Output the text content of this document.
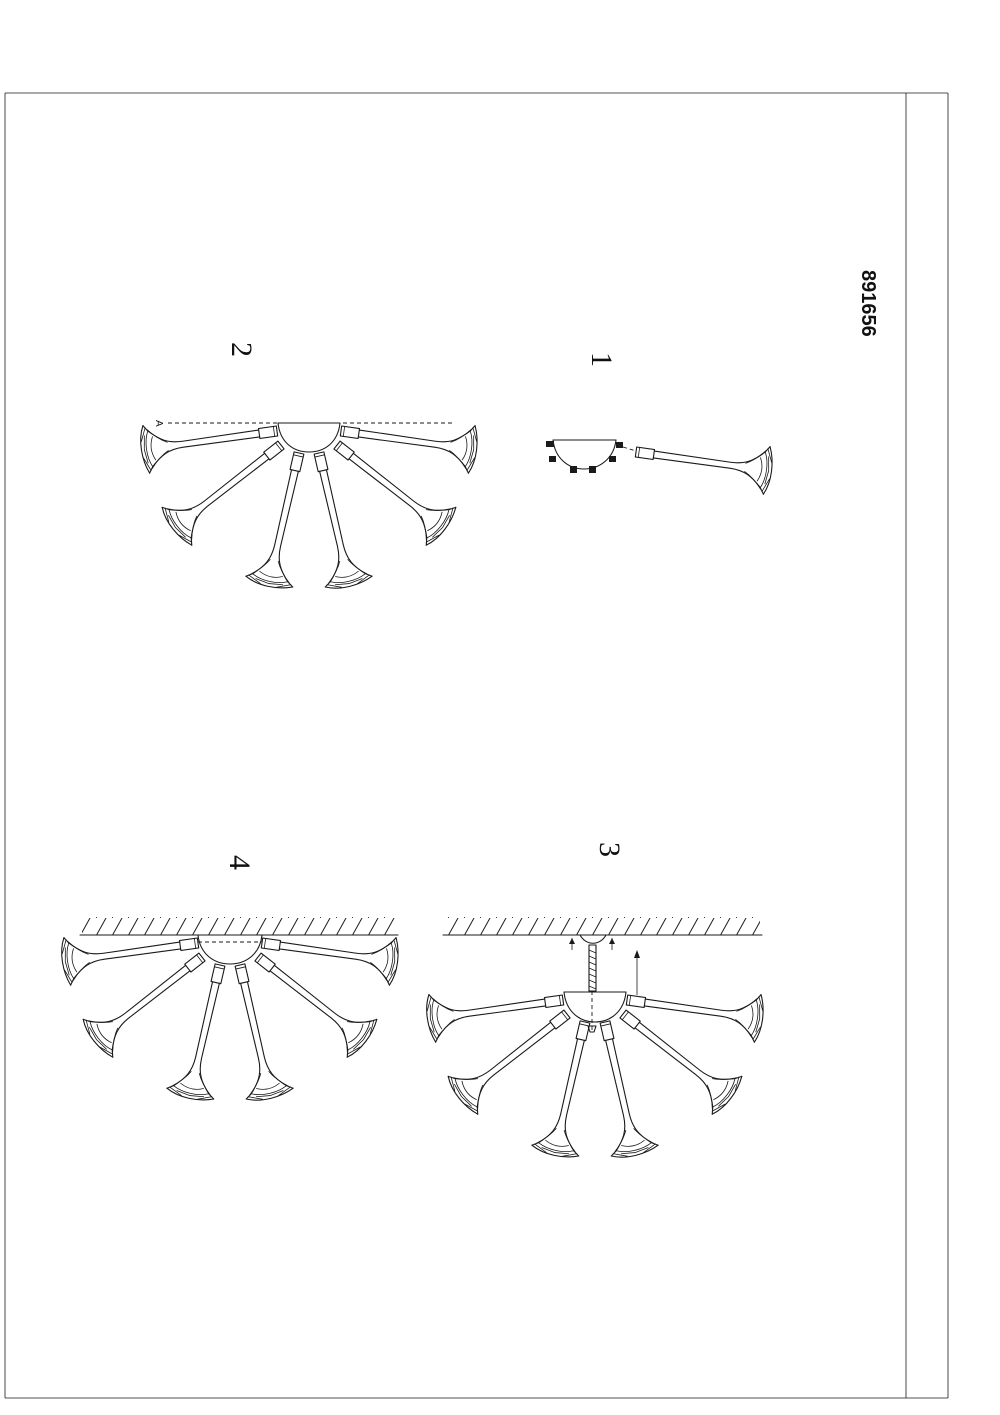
891656
1
2
3
4
A
